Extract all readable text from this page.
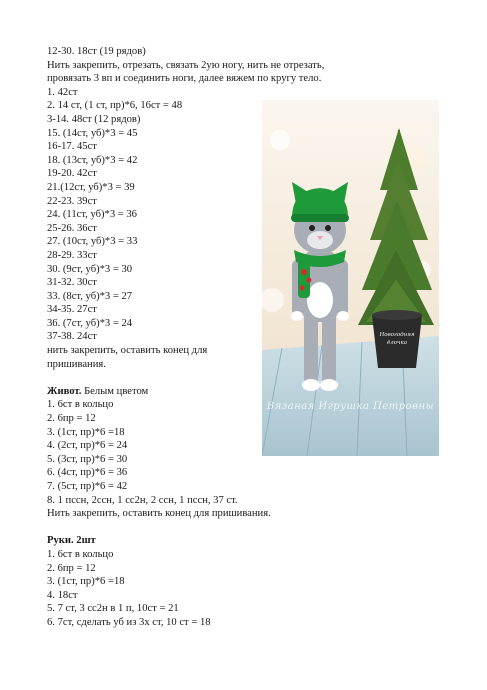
12-30. 18ст (19 рядов)
Нить закрепить, отрезать, связать 2ую ногу, нить не отрезать,
провязать 3 вп и соединить ноги, далее вяжем по кругу тело.
1. 42ст
2. 14 ст, (1 ст, пр)*6, 16ст = 48
3-14. 48ст (12 рядов)
15. (14ст, уб)*3 = 45
16-17. 45ст
18. (13ст, уб)*3 = 42
19-20. 42ст
21.(12ст, уб)*3 = 39
22-23. 39ст
24. (11ст, уб)*3 = 36
25-26. 36ст
27. (10ст, уб)*3 = 33
28-29. 33ст
30. (9ст, уб)*3 = 30
31-32. 30ст
33. (8ст, уб)*3 = 27
34-35. 27ст
36. (7ст, уб)*3 = 24
37-38. 24ст
нить закрепить, оставить конец для
пришивания.
Живот. Белым цветом
1. 6ст в кольцо
2. 6пр = 12
3. (1ст, пр)*6 =18
4. (2ст, пр)*6 = 24
5. (3ст, пр)*6 = 30
6. (4ст, пр)*6 = 36
7. (5ст, пр)*6 = 42
8. 1 пссн, 2ссн, 1 сс2н, 2 ссн, 1 пссн, 37 ст.
Нить закрепить, оставить конец для пришивания.
Руки. 2шт
1. 6ст в кольцо
2. 6пр = 12
3. (1ст, пр)*6 =18
4. 18ст
5. 7 ст, 3 сс2н в 1 п, 10ст = 21
6. 7ст, сделать уб из 3х ст, 10 ст = 18
Новогодняя
ёлочка
Вязаная Игрушка Петровны
